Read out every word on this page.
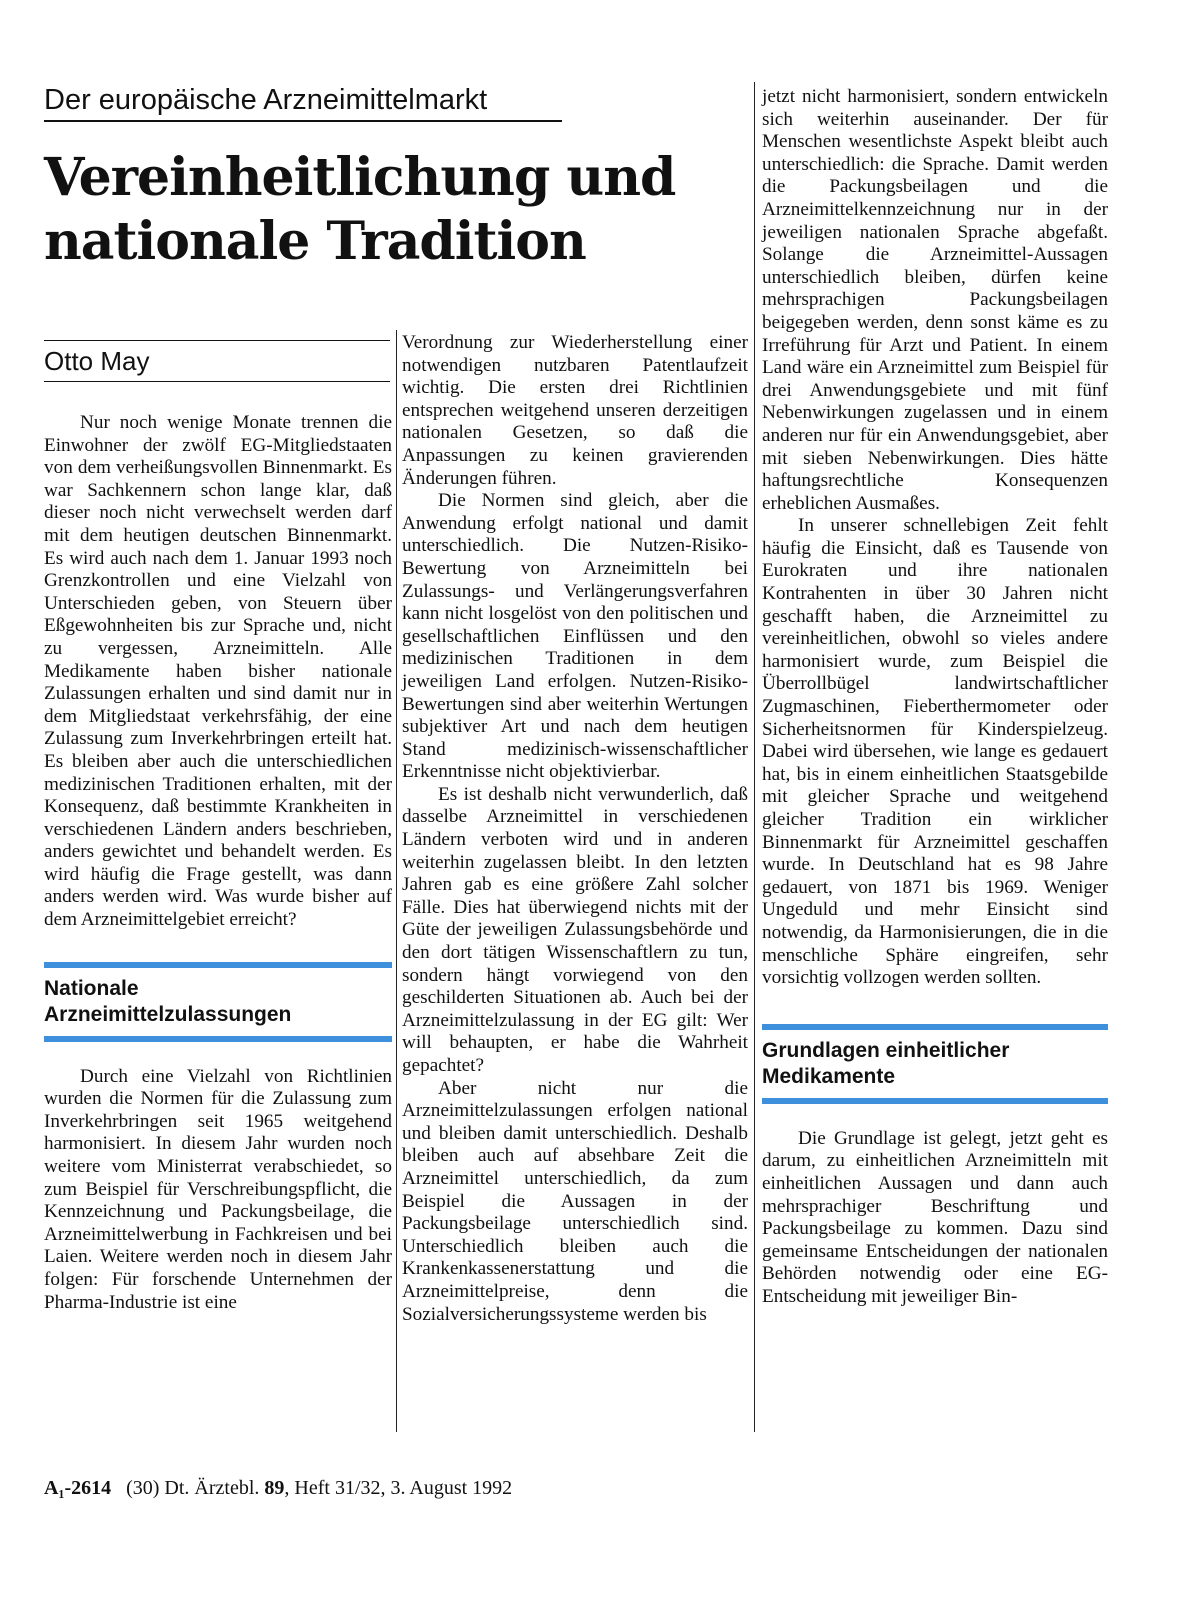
Der europäische Arzneimittelmarkt
Vereinheitlichung und
nationale Tradition
Otto May

Nur noch wenige Monate trennen die Einwohner der zwölf EG-Mitgliedstaaten von dem verheißungsvollen Binnenmarkt. Es war Sachkennern schon lange klar, daß dieser noch nicht verwechselt werden darf mit dem heutigen deutschen Binnenmarkt. Es wird auch nach dem 1. Januar 1993 noch Grenzkontrollen und eine Vielzahl von Unterschieden geben, von Steuern über Eßgewohnheiten bis zur Sprache und, nicht zu vergessen, Arzneimitteln. Alle Medikamente haben bisher nationale Zulassungen erhalten und sind damit nur in dem Mitgliedstaat verkehrsfähig, der eine Zulassung zum Inverkehrbringen erteilt hat. Es bleiben aber auch die unterschiedlichen medizinischen Traditionen erhalten, mit der Konsequenz, daß bestimmte Krankheiten in verschiedenen Ländern anders beschrieben, anders gewichtet und behandelt werden. Es wird häufig die Frage gestellt, was dann anders werden wird. Was wurde bisher auf dem Arzneimittelgebiet erreicht?

Nationale
Arzneimittelzulassungen

Durch eine Vielzahl von Richtlinien wurden die Normen für die Zulassung zum Inverkehrbringen seit 1965 weitgehend harmonisiert. In diesem Jahr wurden noch weitere vom Ministerrat verabschiedet, so zum Beispiel für Verschreibungspflicht, die Kennzeichnung und Packungsbeilage, die Arzneimittelwerbung in Fachkreisen und bei Laien. Weitere werden noch in diesem Jahr folgen: Für forschende Unternehmen der Pharma-Industrie ist eine

Verordnung zur Wiederherstellung einer notwendigen nutzbaren Patentlaufzeit wichtig. Die ersten drei Richtlinien entsprechen weitgehend unseren derzeitigen nationalen Gesetzen, so daß die Anpassungen zu keinen gravierenden Änderungen führen.

Die Normen sind gleich, aber die Anwendung erfolgt national und damit unterschiedlich. Die Nutzen-Risiko-Bewertung von Arzneimitteln bei Zulassungs- und Verlängerungsverfahren kann nicht losgelöst von den politischen und gesellschaftlichen Einflüssen und den medizinischen Traditionen in dem jeweiligen Land erfolgen. Nutzen-Risiko-Bewertungen sind aber weiterhin Wertungen subjektiver Art und nach dem heutigen Stand medizinisch-wissenschaftlicher Erkenntnisse nicht objektivierbar.

Es ist deshalb nicht verwunderlich, daß dasselbe Arzneimittel in verschiedenen Ländern verboten wird und in anderen weiterhin zugelassen bleibt. In den letzten Jahren gab es eine größere Zahl solcher Fälle. Dies hat überwiegend nichts mit der Güte der jeweiligen Zulassungsbehörde und den dort tätigen Wissenschaftlern zu tun, sondern hängt vorwiegend von den geschilderten Situationen ab. Auch bei der Arzneimittelzulassung in der EG gilt: Wer will behaupten, er habe die Wahrheit gepachtet?

Aber nicht nur die Arzneimittelzulassungen erfolgen national und bleiben damit unterschiedlich. Deshalb bleiben auch auf absehbare Zeit die Arzneimittel unterschiedlich, da zum Beispiel die Aussagen in der Packungsbeilage unterschiedlich sind. Unterschiedlich bleiben auch die Krankenkassenerstattung und die Arzneimittelpreise, denn die Sozialversicherungssysteme werden bis

jetzt nicht harmonisiert, sondern entwickeln sich weiterhin auseinander. Der für Menschen wesentlichste Aspekt bleibt auch unterschiedlich: die Sprache. Damit werden die Packungsbeilagen und die Arzneimittelkennzeichnung nur in der jeweiligen nationalen Sprache abgefaßt. Solange die Arzneimittel-Aussagen unterschiedlich bleiben, dürfen keine mehrsprachigen Packungsbeilagen beigegeben werden, denn sonst käme es zu Irreführung für Arzt und Patient. In einem Land wäre ein Arzneimittel zum Beispiel für drei Anwendungsgebiete und mit fünf Nebenwirkungen zugelassen und in einem anderen nur für ein Anwendungsgebiet, aber mit sieben Nebenwirkungen. Dies hätte haftungsrechtliche Konsequenzen erheblichen Ausmaßes.

In unserer schnellebigen Zeit fehlt häufig die Einsicht, daß es Tausende von Eurokraten und ihre nationalen Kontrahenten in über 30 Jahren nicht geschafft haben, die Arzneimittel zu vereinheitlichen, obwohl so vieles andere harmonisiert wurde, zum Beispiel die Überrollbügel landwirtschaftlicher Zugmaschinen, Fieberthermometer oder Sicherheitsnormen für Kinderspielzeug. Dabei wird übersehen, wie lange es gedauert hat, bis in einem einheitlichen Staatsgebilde mit gleicher Sprache und weitgehend gleicher Tradition ein wirklicher Binnenmarkt für Arzneimittel geschaffen wurde. In Deutschland hat es 98 Jahre gedauert, von 1871 bis 1969. Weniger Ungeduld und mehr Einsicht sind notwendig, da Harmonisierungen, die in die menschliche Sphäre eingreifen, sehr vorsichtig vollzogen werden sollten.

Grundlagen einheitlicher
Medikamente

Die Grundlage ist gelegt, jetzt geht es darum, zu einheitlichen Arzneimitteln mit einheitlichen Aussagen und dann auch mehrsprachiger Beschriftung und Packungsbeilage zu kommen. Dazu sind gemeinsame Entscheidungen der nationalen Behörden notwendig oder eine EG-Entscheidung mit jeweiliger Bin-

A₁-2614 (30) Dt. Ärztebl. 89, Heft 31/32, 3. August 1992
